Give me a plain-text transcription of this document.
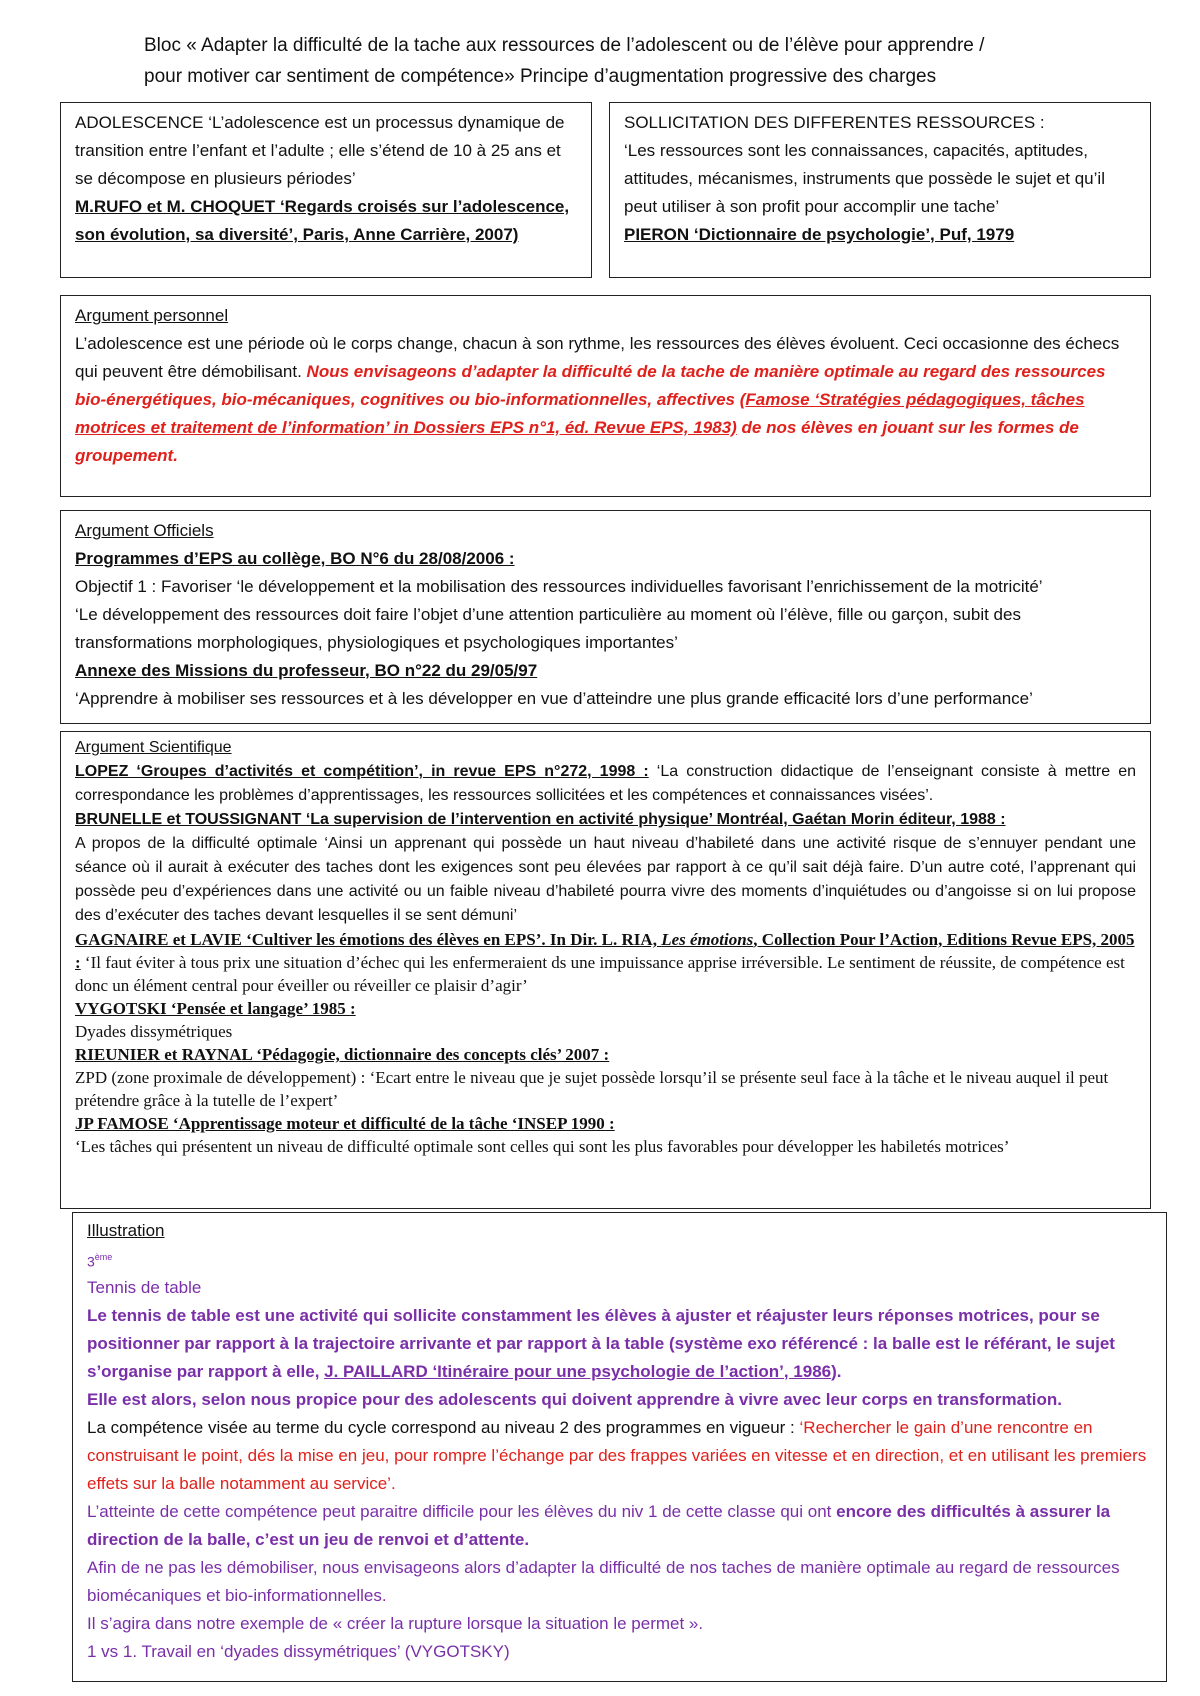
Bloc « Adapter la difficulté de la tache aux ressources de l’adolescent ou de l’élève pour apprendre /
pour motiver car sentiment de compétence» Principe d’augmentation progressive des charges

ADOLESCENCE ‘L’adolescence est un processus dynamique de transition entre l’enfant et l’adulte ; elle s’étend de 10 à 25 ans et se décompose en plusieurs périodes’

M.RUFO et M. CHOQUET ‘Regards croisés sur l’adolescence, son évolution, sa diversité’, Paris, Anne Carrière, 2007)

SOLLICITATION DES DIFFERENTES RESSOURCES :

‘Les ressources sont les connaissances, capacités, aptitudes, attitudes, mécanismes, instruments que possède le sujet et qu’il peut utiliser à son profit pour accomplir une tache’

PIERON ‘Dictionnaire de psychologie’, Puf, 1979

Argument personnel

L’adolescence est une période où le corps change, chacun à son rythme, les ressources des élèves évoluent. Ceci occasionne des échecs qui peuvent être démobilisant. Nous envisageons d’adapter la difficulté de la tache de manière optimale au regard des ressources bio-énergétiques, bio-mécaniques, cognitives ou bio-informationnelles, affectives (Famose ‘Stratégies pédagogiques, tâches motrices et traitement de l’information’ in Dossiers EPS n°1, éd. Revue EPS, 1983) de nos élèves en jouant sur les formes de groupement.

Argument Officiels

Programmes d’EPS au collège, BO N°6 du 28/08/2006 :

Objectif 1 : Favoriser ‘le développement et la mobilisation des ressources individuelles favorisant l’enrichissement de la motricité’

‘Le développement des ressources doit faire l’objet d’une attention particulière au moment où l’élève, fille ou garçon, subit des transformations morphologiques, physiologiques et psychologiques importantes’

Annexe des Missions du professeur, BO n°22 du 29/05/97

‘Apprendre à mobiliser ses ressources et à les développer en vue d’atteindre une plus grande efficacité lors d’une performance’

Argument Scientifique

LOPEZ ‘Groupes d’activités et compétition’, in revue EPS n°272, 1998 : ‘La construction didactique de l’enseignant consiste à mettre en correspondance les problèmes d’apprentissages, les ressources sollicitées et les compétences et connaissances visées’.

BRUNELLE et TOUSSIGNANT ‘La supervision de l’intervention en activité physique’ Montréal, Gaétan Morin éditeur, 1988 :

A propos de la difficulté optimale ‘Ainsi un apprenant qui possède un haut niveau d’habileté dans une activité risque de s’ennuyer pendant une séance où il aurait à exécuter des taches dont les exigences sont peu élevées par rapport à ce qu’il sait déjà faire. D’un autre coté, l’apprenant qui possède peu d’expériences dans une activité ou un faible niveau d’habileté pourra vivre des moments d’inquiétudes ou d’angoisse si on lui propose des d’exécuter des taches devant lesquelles il se sent démuni’

GAGNAIRE et LAVIE ‘Cultiver les émotions des élèves en EPS’. In Dir. L. RIA, Les émotions, Collection Pour l’Action, Editions Revue EPS, 2005 : ‘Il faut éviter à tous prix une situation d’échec qui les enfermeraient ds une impuissance apprise irréversible. Le sentiment de réussite, de compétence est donc un élément central pour éveiller ou réveiller ce plaisir d’agir’

VYGOTSKI ‘Pensée et langage’ 1985 :

Dyades dissymétriques

RIEUNIER et RAYNAL ‘Pédagogie, dictionnaire des concepts clés’ 2007 :

ZPD (zone proximale de développement) : ‘Ecart entre le niveau que je sujet possède lorsqu’il se présente seul face à la tâche et le niveau auquel il peut prétendre grâce à la tutelle de l’expert’

JP FAMOSE ‘Apprentissage moteur et difficulté de la tâche ‘INSEP 1990 :

‘Les tâches qui présentent un niveau de difficulté optimale sont celles qui sont les plus favorables pour développer les habiletés motrices’

Illustration

3ème

Tennis de table

Le tennis de table est une activité qui sollicite constamment les élèves à ajuster et réajuster leurs réponses motrices, pour se positionner par rapport à la trajectoire arrivante et par rapport à la table (système exo référencé : la balle est le référant, le sujet s’organise par rapport à elle, J. PAILLARD ‘Itinéraire pour une psychologie de l’action’, 1986).

Elle est alors, selon nous propice pour des adolescents qui doivent apprendre à vivre avec leur corps en transformation.

La compétence visée au terme du cycle correspond au niveau 2 des programmes en vigueur : ‘Rechercher le gain d’une rencontre en construisant le point, dés la mise en jeu, pour rompre l’échange par des frappes variées en vitesse et en direction, et en utilisant les premiers effets sur la balle notamment au service’.

L’atteinte de cette compétence peut paraitre difficile pour les élèves du niv 1 de cette classe qui ont encore des difficultés à assurer la direction de la balle, c’est un jeu de renvoi et d’attente.

Afin de ne pas les démobiliser, nous envisageons alors d’adapter la difficulté de nos taches de manière optimale au regard de ressources biomécaniques et bio-informationnelles.

Il s’agira dans notre exemple de « créer la rupture lorsque la situation le permet ».

1 vs 1. Travail en ‘dyades dissymétriques’ (VYGOTSKY)
